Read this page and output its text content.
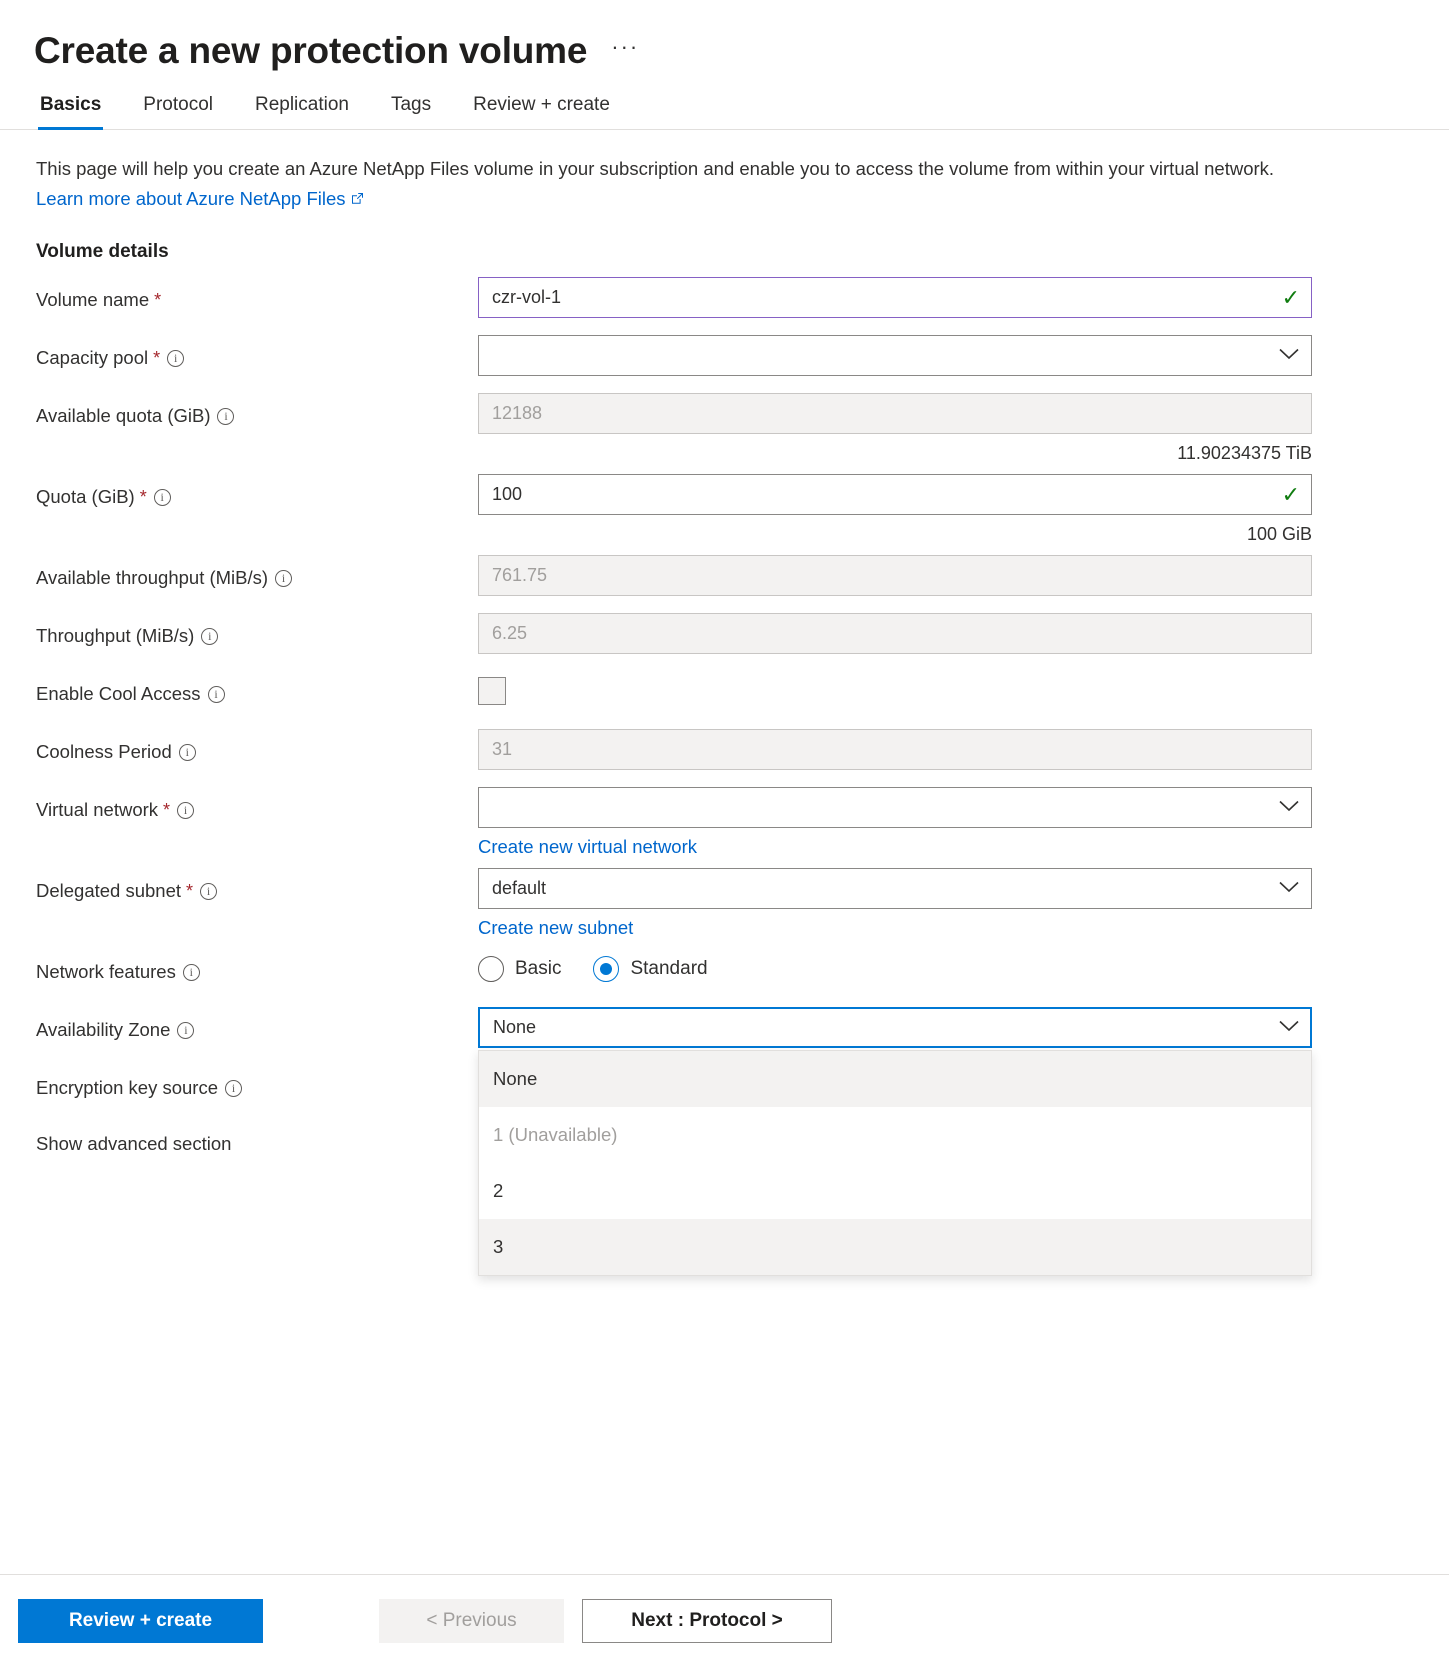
Create a new protection volume ···
Basics Protocol Replication Tags Review + create
This page will help you create an Azure NetApp Files volume in your subscription and enable you to access the volume from within your virtual network. Learn more about Azure NetApp Files
Volume details
Volume name *	czr-vol-1	✓
Capacity pool *	i
Available quota (GiB)	i	12188
11.90234375 TiB
Quota (GiB) *	i	100	✓
100 GiB
Available throughput (MiB/s)	i	761.75
Throughput (MiB/s)	i	6.25
Enable Cool Access	i
Coolness Period	i	31
Virtual network *	i
Create new virtual network
Delegated subnet *	i	default
Create new subnet
Network features	i	Basic	Standard
Availability Zone	i	None
None
1 (Unavailable)
2
3
Encryption key source	i
Show advanced section
Review + create	< Previous	Next : Protocol >
